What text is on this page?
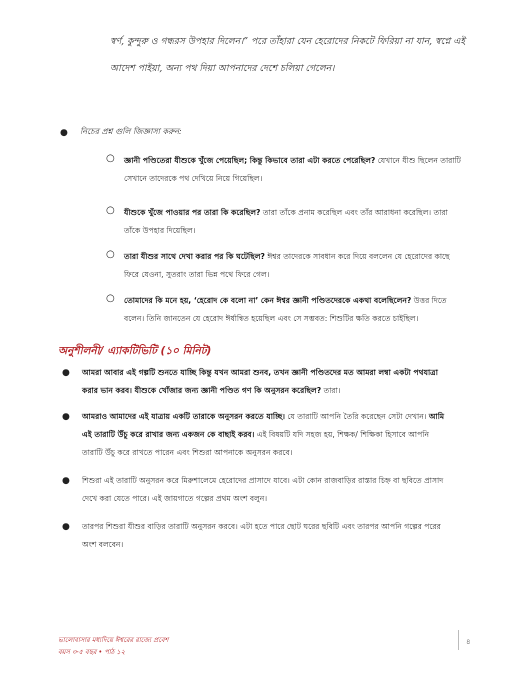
স্বর্ণ, কুন্দুরু ও গন্ধরস উপহার দিলেন।” পরে তাঁহারা যেন হেরোদের নিকটে ফিরিয়া না যান, স্বপ্নে এই
আদেশ পাইয়া, অন্য পথ দিয়া আপনাদের দেশে চলিয়া গেলেন।
●	নিচের প্রশ্ন গুলি জিজ্ঞাসা করুন:
○	জ্ঞানী পণ্ডিতেরা যীশুকে খুঁজে পেয়েছিল; কিন্তু কিভাবে তারা এটা করতে পেরেছিল? যেখানে যীশু ছিলেন তারাটি
সেখানে তাদেরকে পথ দেখিয়ে নিয়ে গিয়েছিল।
○	যীশুকে খুঁজে পাওয়ার পর তারা কি করেছিল? তারা তাঁকে প্রনাম করেছিল এবং তাঁর আরাধনা করেছিল। তারা
তাঁকে উপহার দিয়েছিল।
○	তারা যীশুর সাথে দেখা করার পর কি ঘটেছিল? ঈশ্বর তাদেরকে সাবধান করে দিয়ে বললেন যে হেরোদের কাছে
ফিরে যেওনা, সুতরাং তারা ভিন্ন পথে ফিরে গেল।
○	তোমাদের কি মনে হয়, ‘হেরোদ কে বলো না’ কেন ঈশ্বর জ্ঞানী পণ্ডিতদেরকে একথা বলেছিলেন? উত্তর দিতে
বলেন। তিনি জানতেন যে হেরোদ ঈর্ষান্বিত হয়েছিল এবং সে সম্ভবত: শিশুটির ক্ষতি করতে চাইছিল।
অনুশীলনী/ এ্যাকটিভিটি (১০ মিনিট)
●	আমরা আবার এই গল্পটি শুনতে যাচ্ছি কিন্তু যখন আমরা শুনব, তখন জ্ঞানী পণ্ডিতদের মত আমরা লম্বা একটা পথযাত্রা
করার ভান করব। যীশুকে খোঁজার জন্য জ্ঞানী পণ্ডিত গণ কি অনুসরন করেছিল? তারা।
●	আমরাও আমাদের এই যাত্রায় একটি তারাকে অনুসরন করতে যাচ্ছি। যে তারাটি আপনি তৈরি করেছেন সেটা দেখান। আমি
এই তারাটি উঁচু করে রাখার জন্য একজন কে বাছাই করব। এই বিষয়টি যদি সহজ হয়, শিক্ষক/ শিক্ষিকা হিসাবে আপনি
তারাটি উঁচু করে রাখতে পারেন এবং শিশুরা আপনাকে অনুসরন করবে।
●	শিশুরা এই তারাটি অনুসরন করে মিরুশালেমে হেরোদের প্রাসাদে যাবে। এটা কোন রাজবাড়ির রাস্তার চিহ্ন বা ছবিতে প্রাসাদ
দেখে করা যেতে পারে। এই জায়গাতে গল্পের প্রথম অংশ বলুন।
●	তারপর শিশুরা যীশুর বাড়ির তারাটি অনুসরন করবে। এটা হতে পারে ছোট ঘরের ছবিটি এবং তারপর আপনি গল্পের পরের
অংশ বলবেন।
ভালোবাসার মধ্যদিয়ে ঈশ্বরের রাজ্যে প্রবেশ
বয়স ৩-৫ বছর • পাঠ ১২
৪
